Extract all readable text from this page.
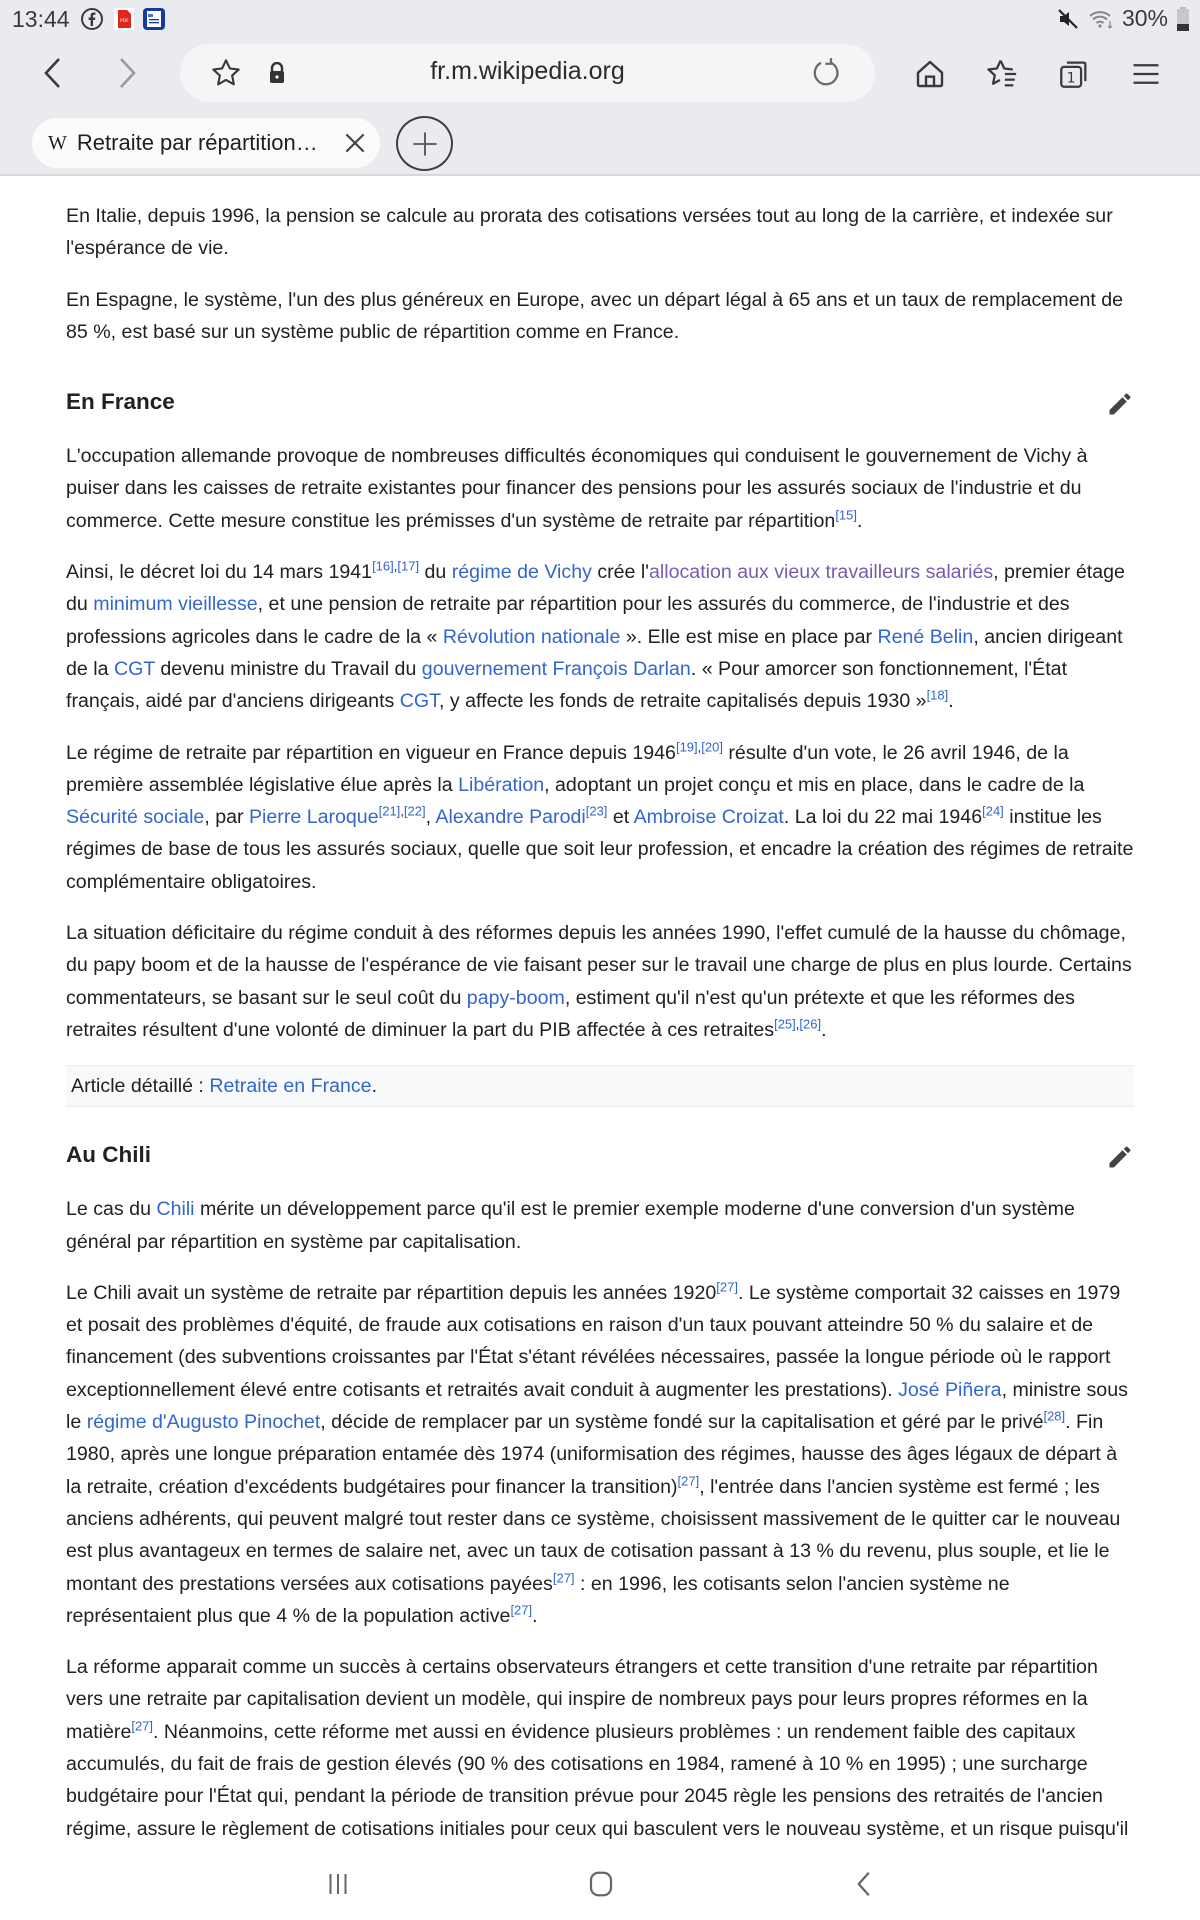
13:44	PDF	30%
fr.m.wikipedia.org	1
W Retraite par répartition…

En Italie, depuis 1996, la pension se calcule au prorata des cotisations versées tout au long de la carrière, et indexée sur l'espérance de vie.

En Espagne, le système, l'un des plus généreux en Europe, avec un départ légal à 65 ans et un taux de remplacement de 85 %, est basé sur un système public de répartition comme en France.

En France

L'occupation allemande provoque de nombreuses difficultés économiques qui conduisent le gouvernement de Vichy à puiser dans les caisses de retraite existantes pour financer des pensions pour les assurés sociaux de l'industrie et du commerce. Cette mesure constitue les prémisses d'un système de retraite par répartition[15].

Ainsi, le décret loi du 14 mars 1941[16],[17] du régime de Vichy crée l'allocation aux vieux travailleurs salariés, premier étage du minimum vieillesse, et une pension de retraite par répartition pour les assurés du commerce, de l'industrie et des professions agricoles dans le cadre de la « Révolution nationale ». Elle est mise en place par René Belin, ancien dirigeant de la CGT devenu ministre du Travail du gouvernement François Darlan. « Pour amorcer son fonctionnement, l'État français, aidé par d'anciens dirigeants CGT, y affecte les fonds de retraite capitalisés depuis 1930 »[18].

Le régime de retraite par répartition en vigueur en France depuis 1946[19],[20] résulte d'un vote, le 26 avril 1946, de la première assemblée législative élue après la Libération, adoptant un projet conçu et mis en place, dans le cadre de la Sécurité sociale, par Pierre Laroque[21],[22], Alexandre Parodi[23] et Ambroise Croizat. La loi du 22 mai 1946[24] institue les régimes de base de tous les assurés sociaux, quelle que soit leur profession, et encadre la création des régimes de retraite complémentaire obligatoires.

La situation déficitaire du régime conduit à des réformes depuis les années 1990, l'effet cumulé de la hausse du chômage, du papy boom et de la hausse de l'espérance de vie faisant peser sur le travail une charge de plus en plus lourde. Certains commentateurs, se basant sur le seul coût du papy-boom, estiment qu'il n'est qu'un prétexte et que les réformes des retraites résultent d'une volonté de diminuer la part du PIB affectée à ces retraites[25],[26].

Article détaillé : Retraite en France.
Au Chili

Le cas du Chili mérite un développement parce qu'il est le premier exemple moderne d'une conversion d'un système général par répartition en système par capitalisation.

Le Chili avait un système de retraite par répartition depuis les années 1920[27]. Le système comportait 32 caisses en 1979 et posait des problèmes d'équité, de fraude aux cotisations en raison d'un taux pouvant atteindre 50 % du salaire et de financement (des subventions croissantes par l'État s'étant révélées nécessaires, passée la longue période où le rapport exceptionnellement élevé entre cotisants et retraités avait conduit à augmenter les prestations). José Piñera, ministre sous le régime d'Augusto Pinochet, décide de remplacer par un système fondé sur la capitalisation et géré par le privé[28]. Fin 1980, après une longue préparation entamée dès 1974 (uniformisation des régimes, hausse des âges légaux de départ à la retraite, création d'excédents budgétaires pour financer la transition)[27], l'entrée dans l'ancien système est fermé ; les anciens adhérents, qui peuvent malgré tout rester dans ce système, choisissent massivement de le quitter car le nouveau est plus avantageux en termes de salaire net, avec un taux de cotisation passant à 13 % du revenu, plus souple, et lie le montant des prestations versées aux cotisations payées[27] : en 1996, les cotisants selon l'ancien système ne représentaient plus que 4 % de la population active[27].

La réforme apparait comme un succès à certains observateurs étrangers et cette transition d'une retraite par répartition vers une retraite par capitalisation devient un modèle, qui inspire de nombreux pays pour leurs propres réformes en la matière[27]. Néanmoins, cette réforme met aussi en évidence plusieurs problèmes : un rendement faible des capitaux accumulés, du fait de frais de gestion élevés (90 % des cotisations en 1984, ramené à 10 % en 1995) ; une surcharge budgétaire pour l'État qui, pendant la période de transition prévue pour 2045 règle les pensions des retraités de l'ancien régime, assure le règlement de cotisations initiales pour ceux qui basculent vers le nouveau système, et un risque puisqu'il
